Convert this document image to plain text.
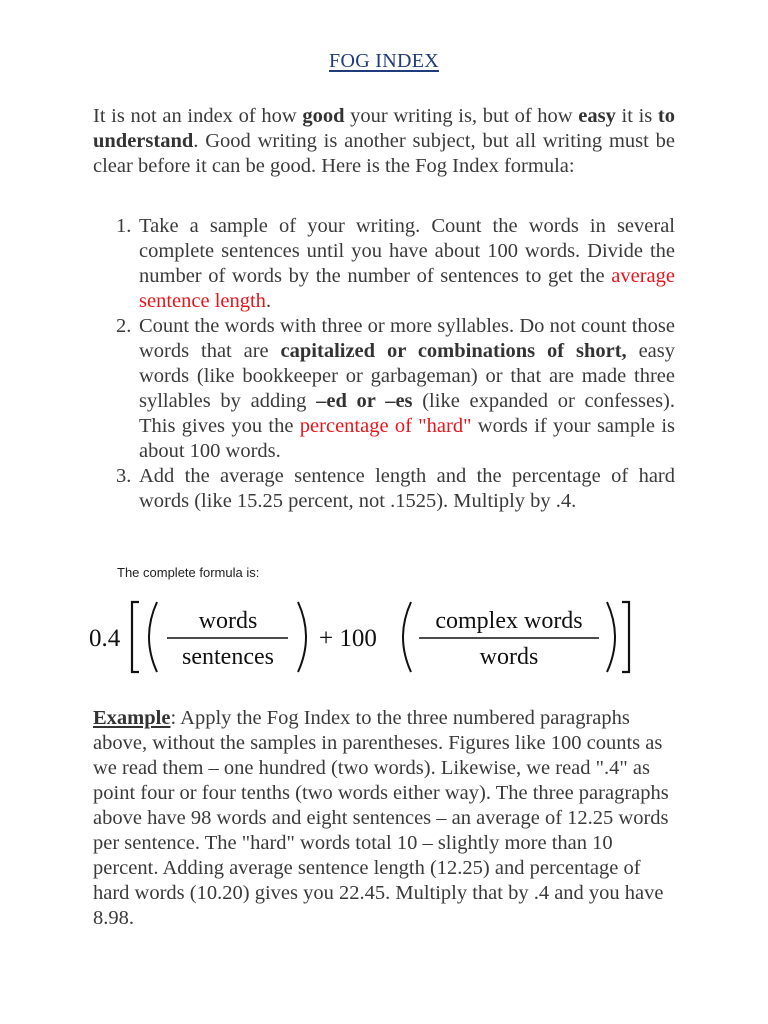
FOG INDEX

It is not an index of how good your writing is, but of how easy it is to understand. Good writing is another subject, but all writing must be clear before it can be good. Here is the Fog Index formula:

1. Take a sample of your writing. Count the words in several complete sentences until you have about 100 words. Divide the number of words by the number of sentences to get the average sentence length.
2. Count the words with three or more syllables. Do not count those words that are capitalized or combinations of short, easy words (like bookkeeper or garbageman) or that are made three syllables by adding –ed or –es (like expanded or confesses). This gives you the percentage of "hard" words if your sample is about 100 words.
3. Add the average sentence length and the percentage of hard words (like 15.25 percent, not .1525). Multiply by .4.
The complete formula is:
0.4
words
sentences
+ 100
complex words
words

Example: Apply the Fog Index to the three numbered paragraphs above, without the samples in parentheses. Figures like 100 counts as we read them – one hundred (two words). Likewise, we read ".4" as point four or four tenths (two words either way). The three paragraphs above have 98 words and eight sentences – an average of 12.25 words per sentence. The "hard" words total 10 – slightly more than 10 percent. Adding average sentence length (12.25) and percentage of hard words (10.20) gives you 22.45. Multiply that by .4 and you have 8.98.
